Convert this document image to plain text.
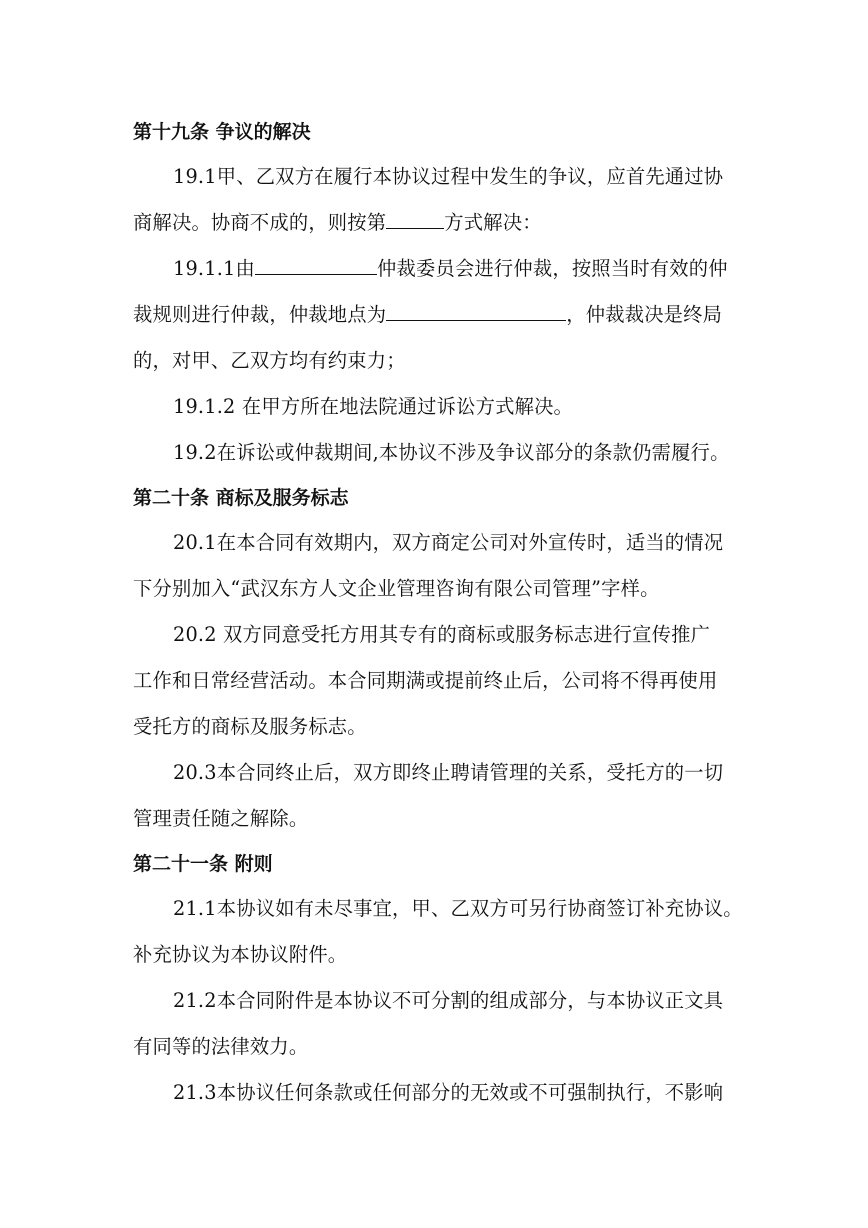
第十九条 争议的解决

19.1甲、乙双方在履行本协议过程中发生的争议，应首先通过协

商解决。协商不成的，则按第	方式解决：

19.1.1由	仲裁委员会进行仲裁，按照当时有效的仲

裁规则进行仲裁，仲裁地点为	，仲裁裁决是终局

的，对甲、乙双方均有约束力；

19.1.2 在甲方所在地法院通过诉讼方式解决。

19.2在诉讼或仲裁期间,本协议不涉及争议部分的条款仍需履行。

第二十条 商标及服务标志

20.1在本合同有效期内，双方商定公司对外宣传时，适当的情况

下分别加入“武汉东方人文企业管理咨询有限公司管理”字样。

20.2 双方同意受托方用其专有的商标或服务标志进行宣传推广

工作和日常经营活动。本合同期满或提前终止后，公司将不得再使用

受托方的商标及服务标志。

20.3本合同终止后，双方即终止聘请管理的关系，受托方的一切

管理责任随之解除。

第二十一条 附则

21.1本协议如有未尽事宜，甲、乙双方可另行协商签订补充协议。

补充协议为本协议附件。

21.2本合同附件是本协议不可分割的组成部分，与本协议正文具

有同等的法律效力。

21.3本协议任何条款或任何部分的无效或不可强制执行，不影响
